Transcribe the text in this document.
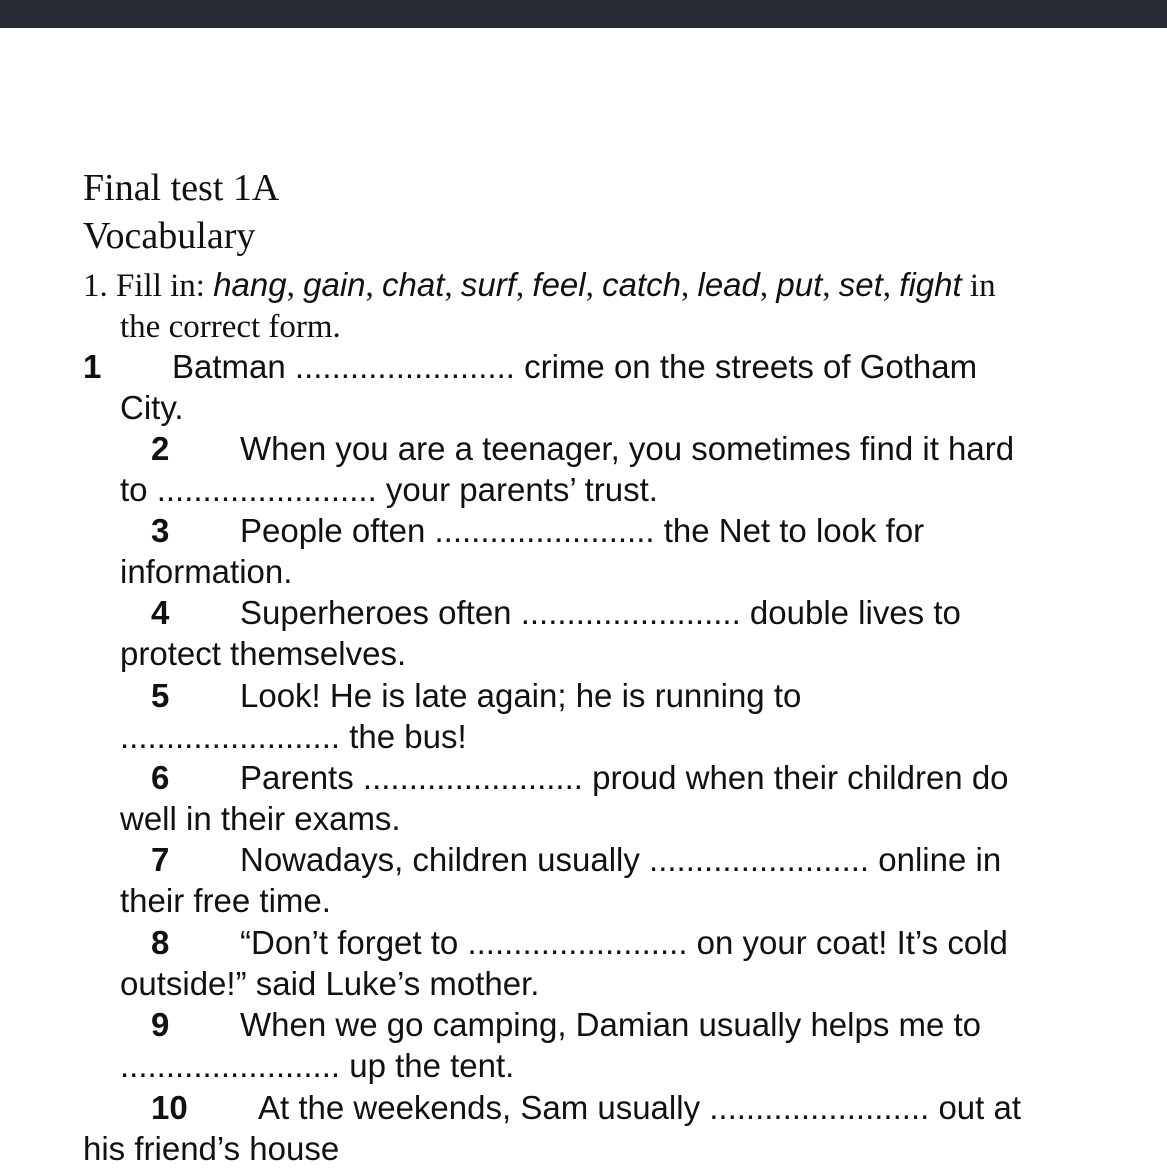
Final test 1A
Vocabulary
1. Fill in: hang, gain, chat, surf, feel, catch, lead, put, set, fight in
the correct form.
1 Batman ........................ crime on the streets of Gotham
City.
2 When you are a teenager, you sometimes find it hard
to ........................ your parents’ trust.
3 People often ........................ the Net to look for
information.
4 Superheroes often ........................ double lives to
protect themselves.
5 Look! He is late again; he is running to
........................ the bus!
6 Parents ........................ proud when their children do
well in their exams.
7 Nowadays, children usually ........................ online in
their free time.
8 “Don’t forget to ........................ on your coat! It’s cold
outside!” said Luke’s mother.
9 When we go camping, Damian usually helps me to
........................ up the tent.
10 At the weekends, Sam usually ........................ out at
his friend’s house
